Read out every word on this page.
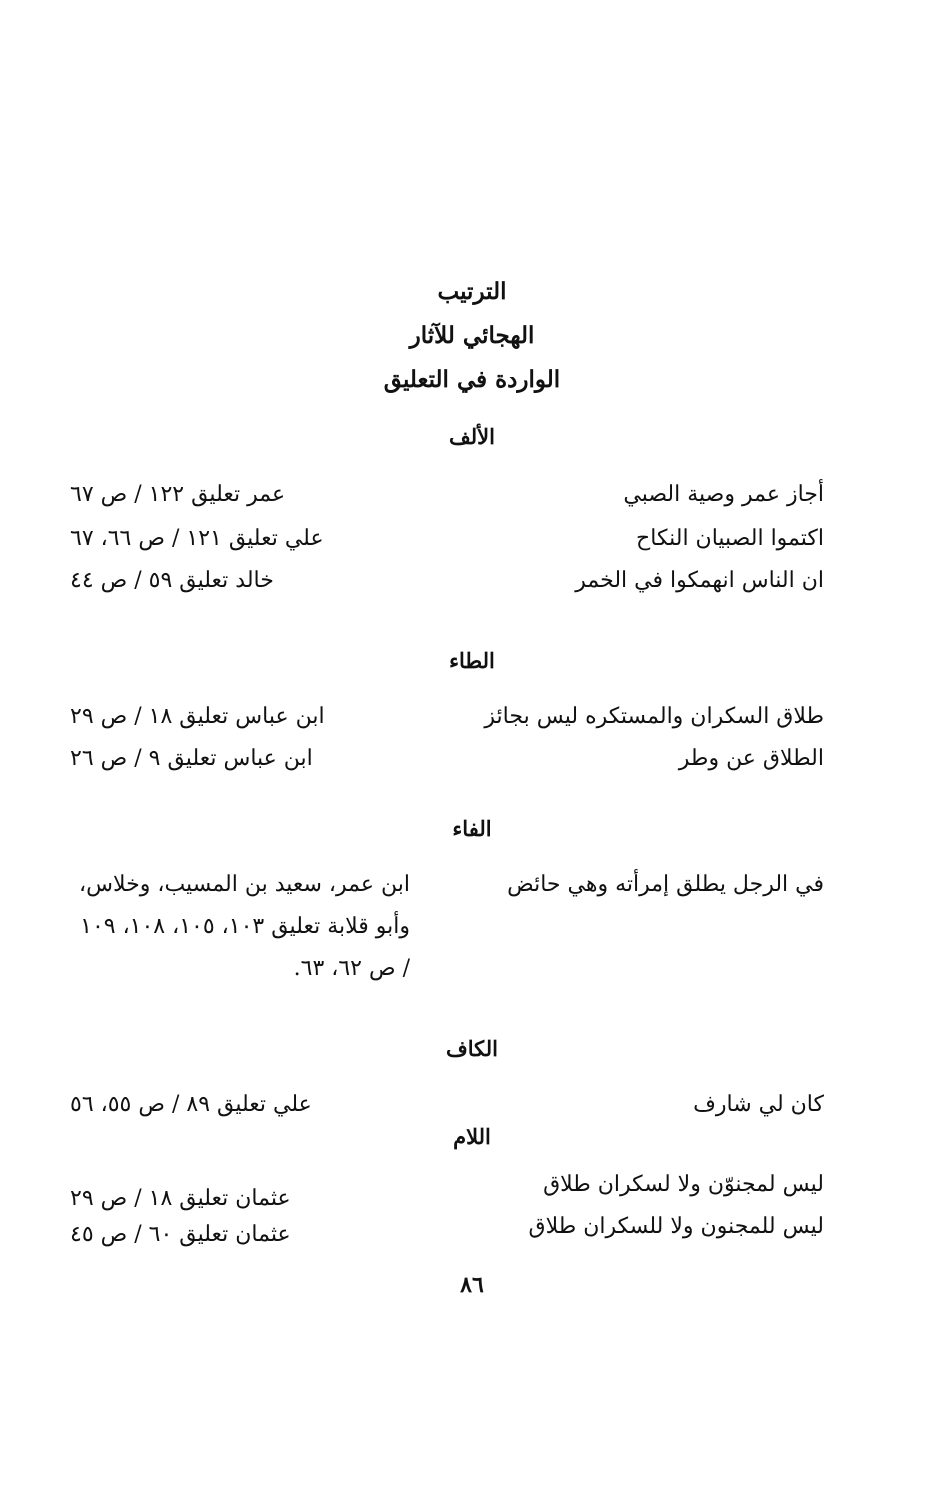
الترتيب
الهجائي للآثار
الواردة في التعليق
الألف
أجاز عمر وصية الصبي
عمر تعليق ١٢٢ / ص ٦٧
اكتموا الصبيان النكاح
علي تعليق ١٢١ / ص ٦٦، ٦٧
ان الناس انهمكوا في الخمر
خالد تعليق ٥٩ / ص ٤٤
الطاء
طلاق السكران والمستكره ليس بجائز
ابن عباس تعليق ١٨ / ص ٢٩
الطلاق عن وطر
ابن عباس تعليق ٩ / ص ٢٦
الفاء
في الرجل يطلق إمرأته وهي حائض
ابن عمر، سعيد بن المسيب، وخلاس، وأبو قلابة تعليق ١٠٣، ١٠٥، ١٠٨، ١٠٩ / ص ٦٢، ٦٣.
الكاف
كان لي شارف
علي تعليق ٨٩ / ص ٥٥، ٥٦
اللام
ليس لمجنوّن ولا لسكران طلاق
عثمان تعليق ١٨ / ص ٢٩
ليس للمجنون ولا للسكران طلاق
عثمان تعليق ٦٠ / ص ٤٥
٨٦
